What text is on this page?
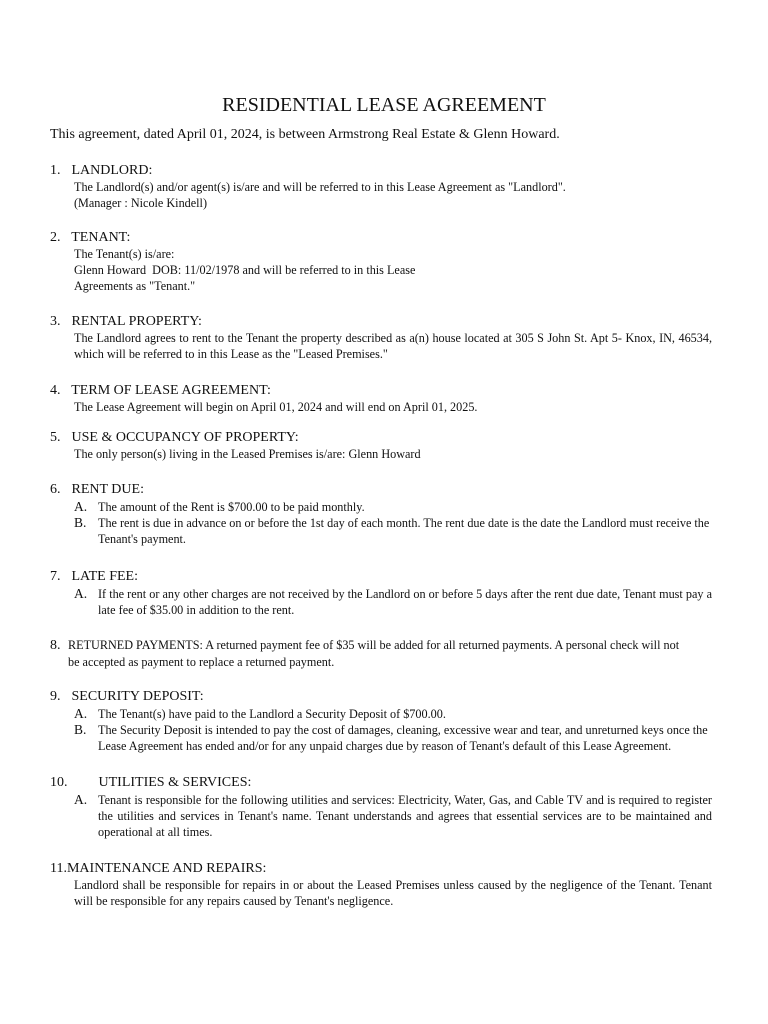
RESIDENTIAL LEASE AGREEMENT
This agreement, dated April 01, 2024, is between Armstrong Real Estate & Glenn Howard.
1. LANDLORD:

The Landlord(s) and/or agent(s) is/are and will be referred to in this Lease Agreement as "Landlord".

(Manager : Nicole Kindell)

2. TENANT:

The Tenant(s) is/are:

Glenn Howard  DOB: 11/02/1978 and will be referred to in this Lease

Agreements as "Tenant."

3. RENTAL PROPERTY:

The Landlord agrees to rent to the Tenant the property described as a(n) house located at 305 S John St. Apt 5- Knox, IN, 46534, which will be referred to in this Lease as the "Leased Premises."

4. TERM OF LEASE AGREEMENT:

The Lease Agreement will begin on April 01, 2024 and will end on April 01, 2025.

5. USE & OCCUPANCY OF PROPERTY:

The only person(s) living in the Leased Premises is/are: Glenn Howard

6. RENT DUE:
A. The amount of the Rent is $700.00 to be paid monthly.
B. The rent is due in advance on or before the 1st day of each month. The rent due date is the date the Landlord must receive the Tenant's payment.
7. LATE FEE:
A. If the rent or any other charges are not received by the Landlord on or before 5 days after the rent due date, Tenant must pay a late fee of $35.00 in addition to the rent.
8. RETURNED PAYMENTS: A returned payment fee of $35 will be added for all returned payments. A personal check will not
be accepted as payment to replace a returned payment.
9. SECURITY DEPOSIT:
A. The Tenant(s) have paid to the Landlord a Security Deposit of $700.00.
B. The Security Deposit is intended to pay the cost of damages, cleaning, excessive wear and tear, and unreturned keys once the Lease Agreement has ended and/or for any unpaid charges due by reason of Tenant's default of this Lease Agreement.
10. UTILITIES & SERVICES:
A. Tenant is responsible for the following utilities and services: Electricity, Water, Gas, and Cable TV and is required to register the utilities and services in Tenant's name. Tenant understands and agrees that essential services are to be maintained and operational at all times.
11.MAINTENANCE AND REPAIRS:

Landlord shall be responsible for repairs in or about the Leased Premises unless caused by the negligence of the Tenant. Tenant will be responsible for any repairs caused by Tenant's negligence.
